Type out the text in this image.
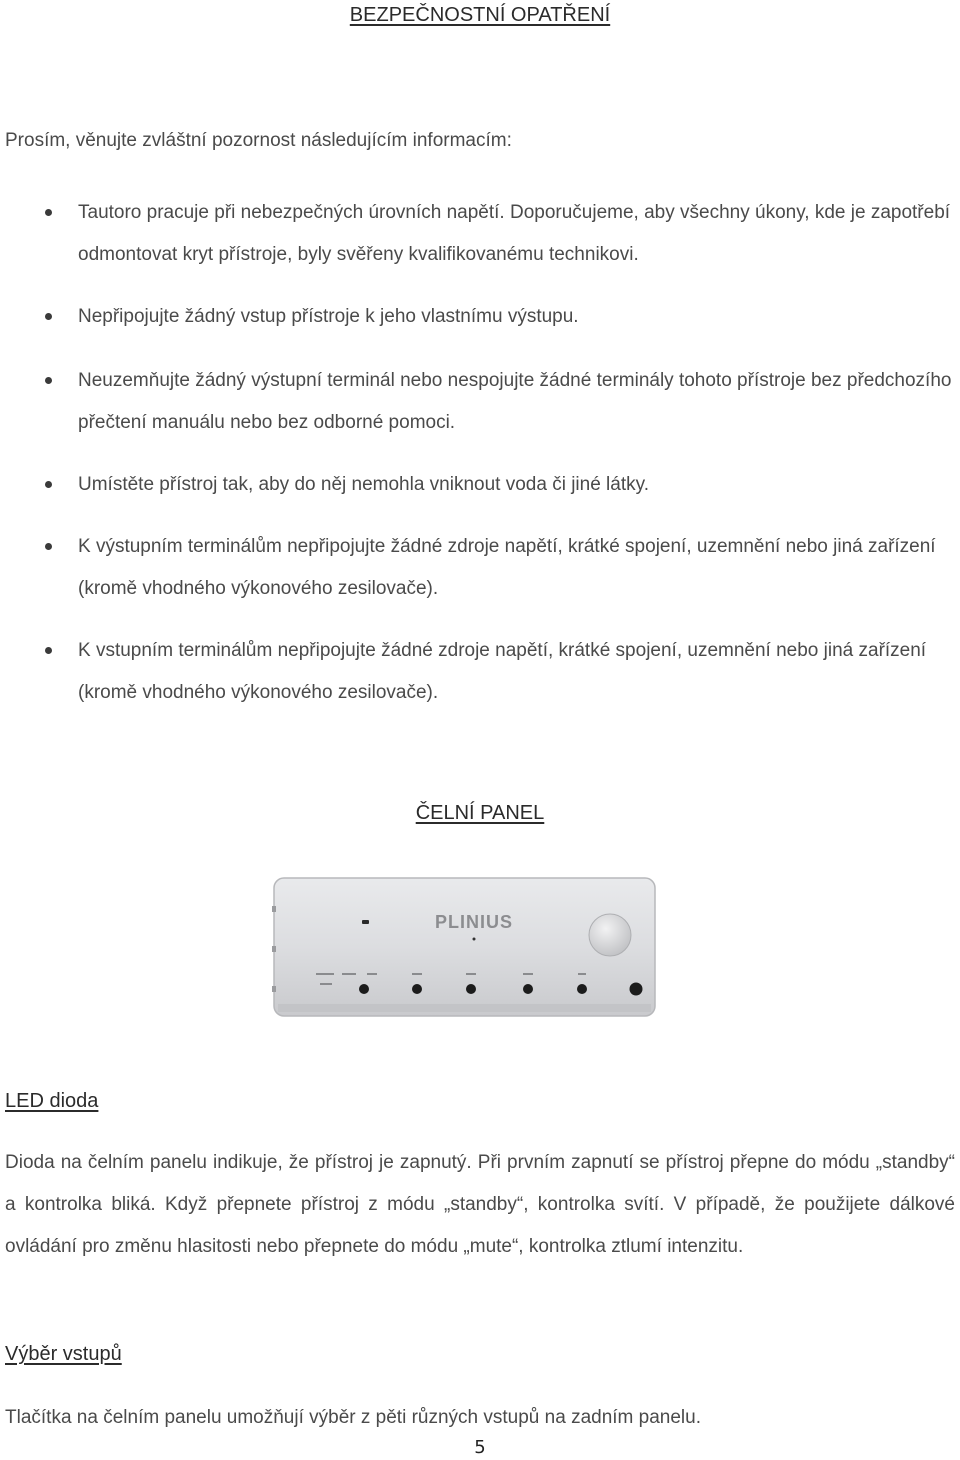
BEZPEČNOSTNÍ OPATŘENÍ
Prosím, věnujte zvláštní pozornost následujícím informacím:
Tautoro pracuje při nebezpečných úrovních napětí. Doporučujeme, aby všechny úkony, kde je zapotřebí odmontovat kryt přístroje, byly svěřeny kvalifikovanému technikovi.
Nepřipojujte žádný vstup přístroje k jeho vlastnímu výstupu.
Neuzemňujte žádný výstupní terminál nebo nespojujte žádné terminály tohoto přístroje bez předchozího přečtení manuálu nebo bez odborné pomoci.
Umístěte přístroj tak, aby do něj nemohla vniknout voda či jiné látky.
K výstupním terminálům nepřipojujte žádné zdroje napětí, krátké spojení, uzemnění nebo jiná zařízení (kromě vhodného výkonového zesilovače).
K vstupním terminálům nepřipojujte žádné zdroje napětí, krátké spojení, uzemnění nebo jiná zařízení (kromě vhodného výkonového zesilovače).
ČELNÍ PANEL
PLINIUS
LED dioda
Dioda na čelním panelu indikuje, že přístroj je zapnutý. Při prvním zapnutí se přístroj přepne do módu „standby“ a kontrolka bliká. Když přepnete přístroj z módu „standby“, kontrolka svítí. V případě, že použijete dálkové ovládání pro změnu hlasitosti nebo přepnete do módu „mute“, kontrolka ztlumí intenzitu.
Výběr vstupů
Tlačítka na čelním panelu umožňují výběr z pěti různých vstupů na zadním panelu.
5
